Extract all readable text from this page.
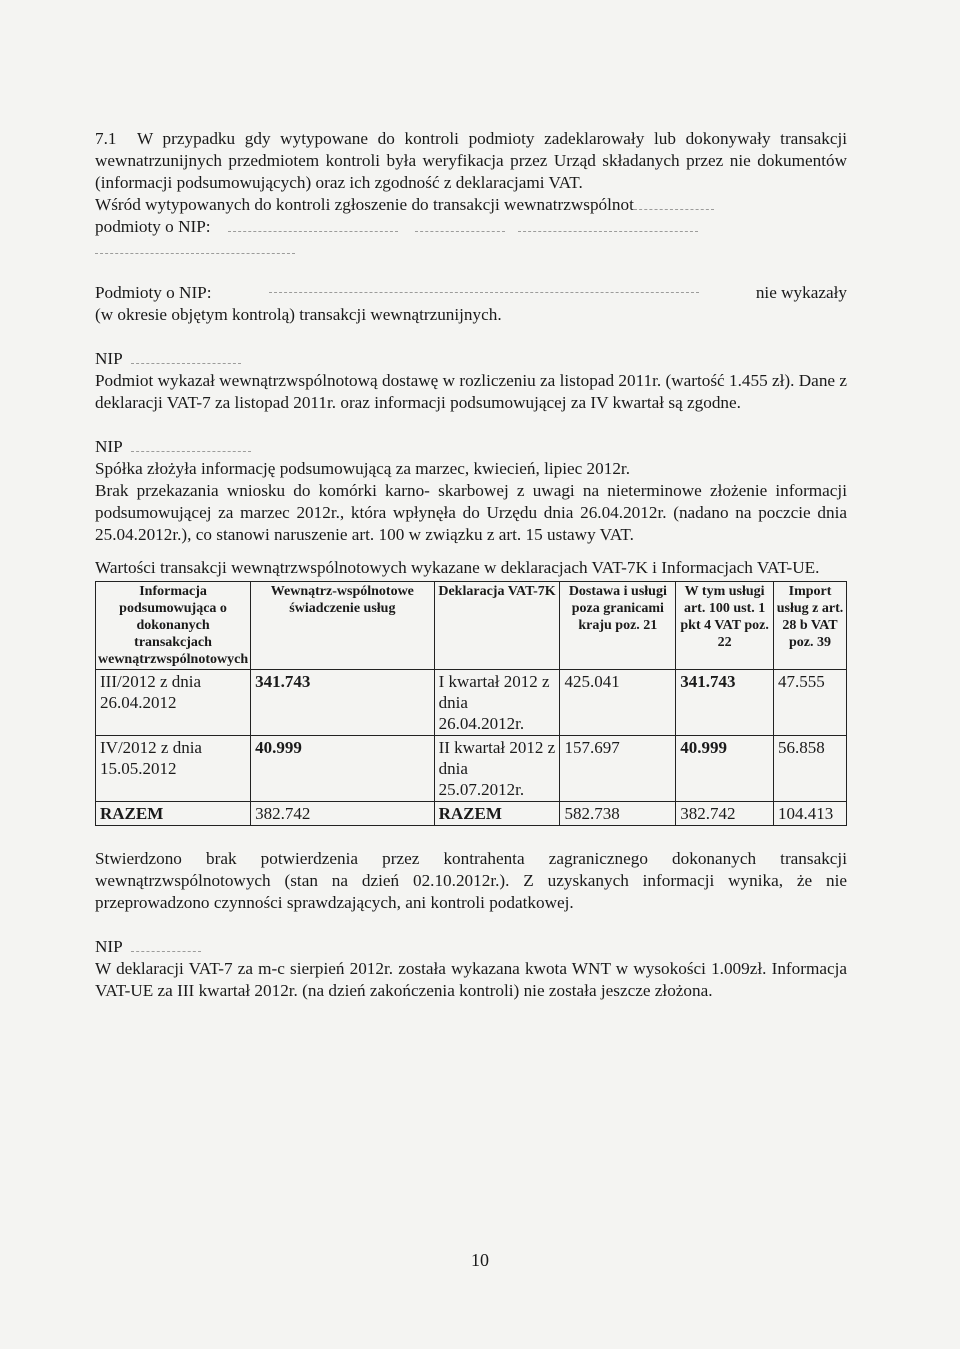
7.1 W przypadku gdy wytypowane do kontroli podmioty zadeklarowały lub dokonywały transakcji wewnatrzunijnych przedmiotem kontroli była weryfikacja przez Urząd składanych przez nie dokumentów (informacji podsumowujących) oraz ich zgodność z deklaracjami VAT.

Wśród wytypowanych do kontroli zgłoszenie do transakcji wewnatrzwspólnot

podmioty o NIP:

Podmioty o NIP:	nie wykazały

(w okresie objętym kontrolą) transakcji wewnątrzunijnych.

NIP

Podmiot wykazał wewnątrzwspólnotową dostawę w rozliczeniu za listopad 2011r. (wartość 1.455 zł). Dane z deklaracji VAT-7 za listopad 2011r. oraz informacji podsumowującej za IV kwartał są zgodne.

NIP

Spółka złożyła informację podsumowującą za marzec, kwiecień, lipiec 2012r.

Brak przekazania wniosku do komórki karno- skarbowej z uwagi na nieterminowe złożenie informacji podsumowującej za marzec 2012r., która wpłynęła do Urzędu dnia 26.04.2012r. (nadano na poczcie dnia 25.04.2012r.), co stanowi naruszenie art. 100 w związku z art. 15 ustawy VAT.

Wartości transakcji wewnątrzwspólnotowych wykazane w deklaracjach VAT-7K i Informacjach VAT-UE.

Informacja podsumowująca o dokonanych transakcjach wewnątrzwspólnotowych	Wewnątrz-wspólnotowe świadczenie usług	Deklaracja VAT-7K	Dostawa i usługi poza granicami kraju poz. 21	W tym usługi art. 100 ust. 1 pkt 4 VAT poz. 22	Import usług z art. 28 b VAT poz. 39
III/2012 z dnia 26.04.2012	341.743	I kwartał 2012 z dnia 26.04.2012r.	425.041	341.743	47.555
IV/2012 z dnia 15.05.2012	40.999	II kwartał 2012 z dnia 25.07.2012r.	157.697	40.999	56.858
RAZEM	382.742	RAZEM	582.738	382.742	104.413

Stwierdzono brak potwierdzenia przez kontrahenta zagranicznego dokonanych transakcji wewnątrzwspólnotowych (stan na dzień 02.10.2012r.). Z uzyskanych informacji wynika, że nie przeprowadzono czynności sprawdzających, ani kontroli podatkowej.

NIP

W deklaracji VAT-7 za m-c sierpień 2012r. została wykazana kwota WNT w wysokości 1.009zł. Informacja VAT-UE za III kwartał 2012r. (na dzień zakończenia kontroli) nie została jeszcze złożona.

10
